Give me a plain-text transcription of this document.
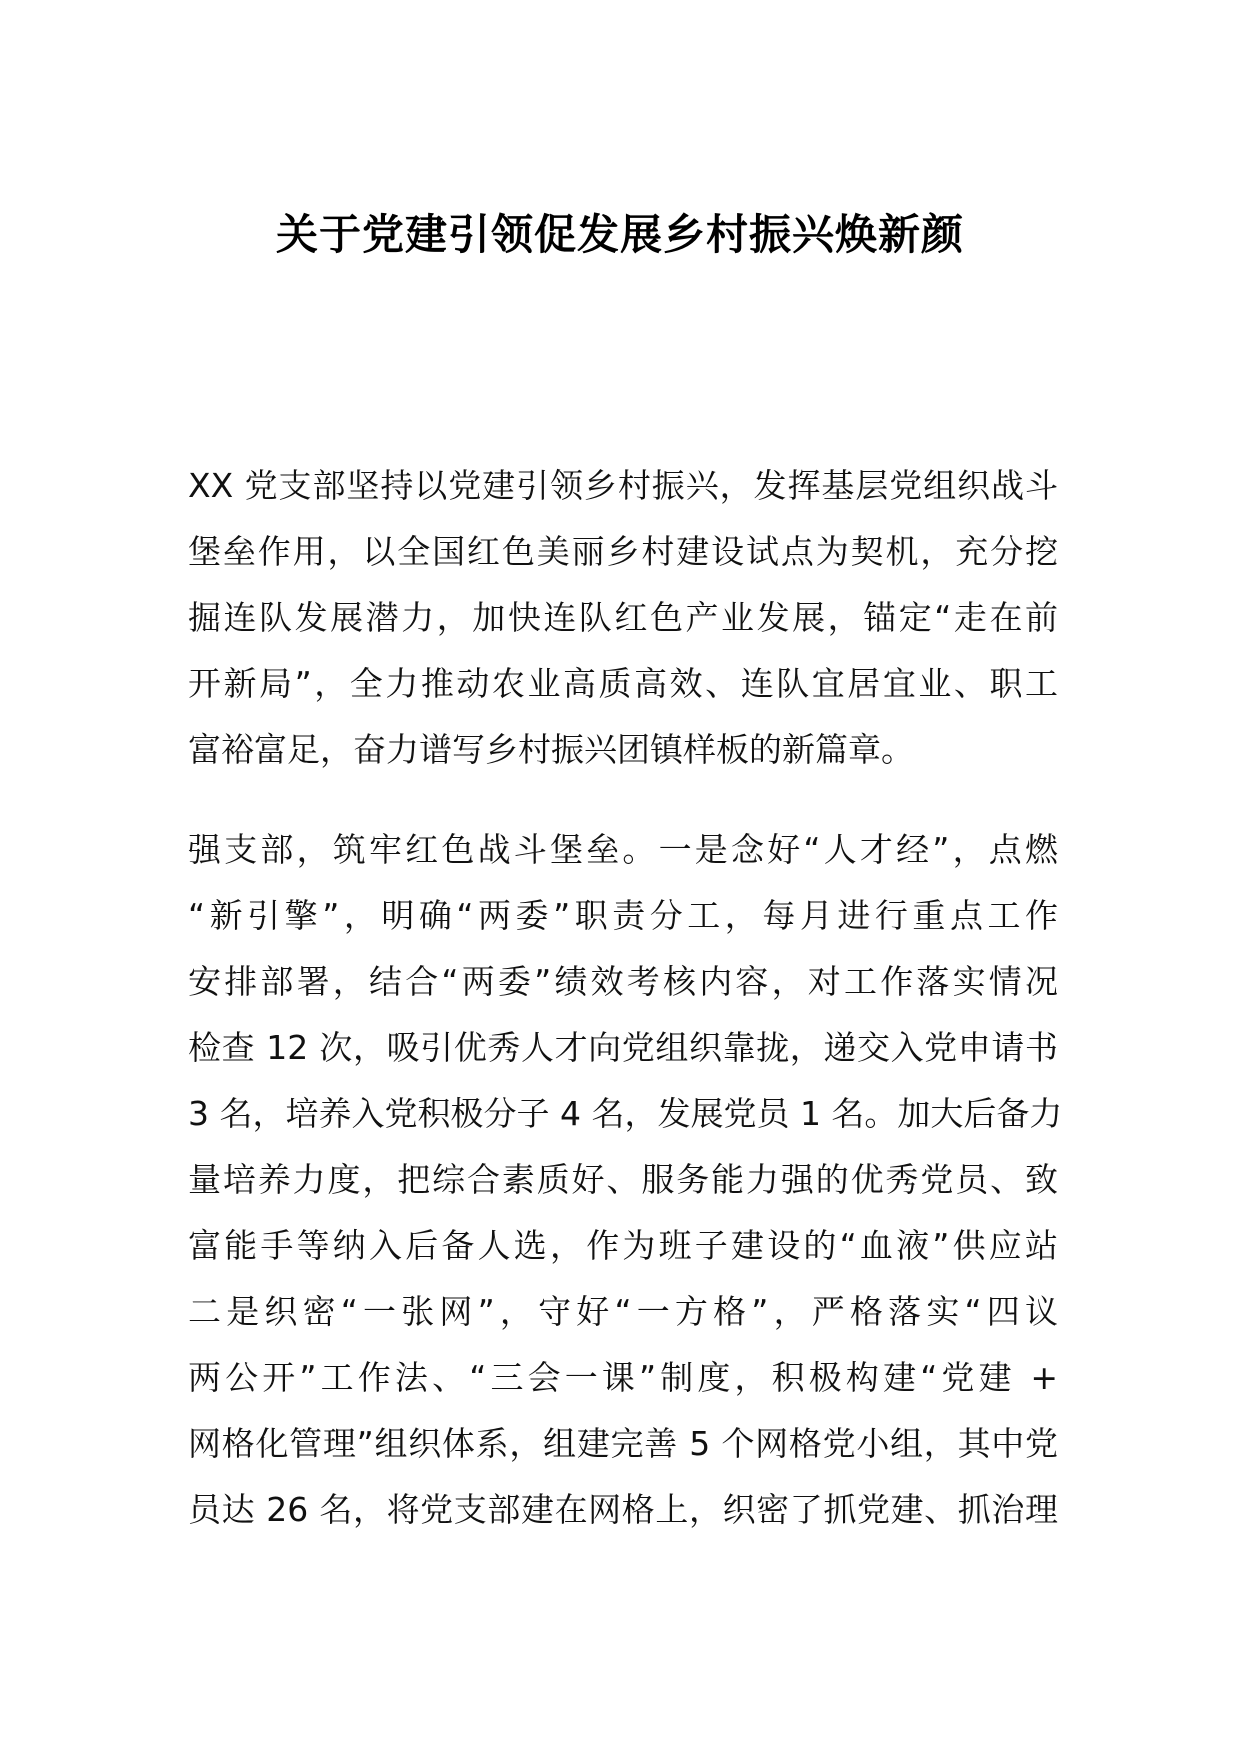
关于党建引领促发展乡村振兴焕新颜
XX 党支部坚持以党建引领乡村振兴，发挥基层党组织战斗
堡垒作用，以全国红色美丽乡村建设试点为契机，充分挖
掘连队发展潜力，加快连队红色产业发展，锚定“走在前
开新局”，全力推动农业高质高效、连队宜居宜业、职工
富裕富足，奋力谱写乡村振兴团镇样板的新篇章。
强支部，筑牢红色战斗堡垒。一是念好“人才经”，点燃
“新引擎”，明确“两委”职责分工，每月进行重点工作
安排部署，结合“两委”绩效考核内容，对工作落实情况
检查 12 次，吸引优秀人才向党组织靠拢，递交入党申请书
3 名，培养入党积极分子 4 名，发展党员 1 名。加大后备力
量培养力度，把综合素质好、服务能力强的优秀党员、致
富能手等纳入后备人选，作为班子建设的“血液”供应站
二是织密“一张网”，守好“一方格”，严格落实“四议
两公开”工作法、“三会一课”制度，积极构建“党建 +
网格化管理”组织体系，组建完善 5 个网格党小组，其中党
员达 26 名，将党支部建在网格上，织密了抓党建、抓治理
